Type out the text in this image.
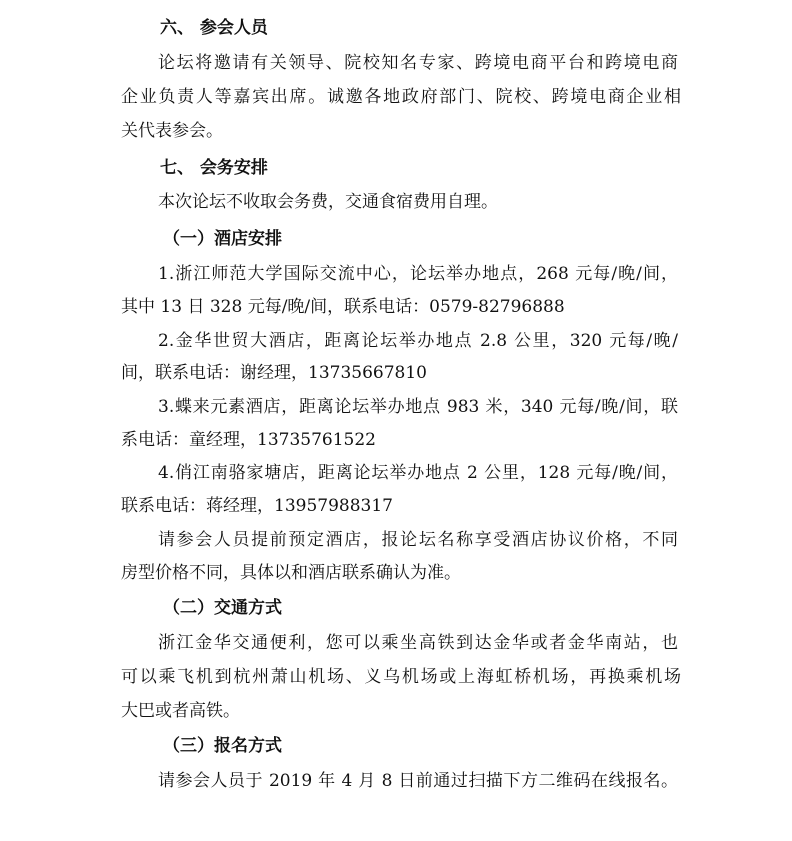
六、 参会人员
论坛将邀请有关领导、院校知名专家、跨境电商平台和跨境电商
企业负责人等嘉宾出席。诚邀各地政府部门、院校、跨境电商企业相
关代表参会。
七、 会务安排
本次论坛不收取会务费，交通食宿费用自理。
（一）酒店安排
1.浙江师范大学国际交流中心，论坛举办地点，268 元每/晚/间，
其中 13 日 328 元每/晚/间，联系电话：0579-82796888
2.金华世贸大酒店，距离论坛举办地点 2.8 公里，320 元每/晚/
间，联系电话：谢经理，13735667810
3.蝶来元素酒店，距离论坛举办地点 983 米，340 元每/晚/间，联
系电话：童经理，13735761522
4.俏江南骆家塘店，距离论坛举办地点 2 公里，128 元每/晚/间，
联系电话：蒋经理，13957988317
请参会人员提前预定酒店，报论坛名称享受酒店协议价格，不同
房型价格不同，具体以和酒店联系确认为准。
（二）交通方式
浙江金华交通便利，您可以乘坐高铁到达金华或者金华南站，也
可以乘飞机到杭州萧山机场、义乌机场或上海虹桥机场，再换乘机场
大巴或者高铁。
（三）报名方式
请参会人员于 2019 年 4 月 8 日前通过扫描下方二维码在线报名。
